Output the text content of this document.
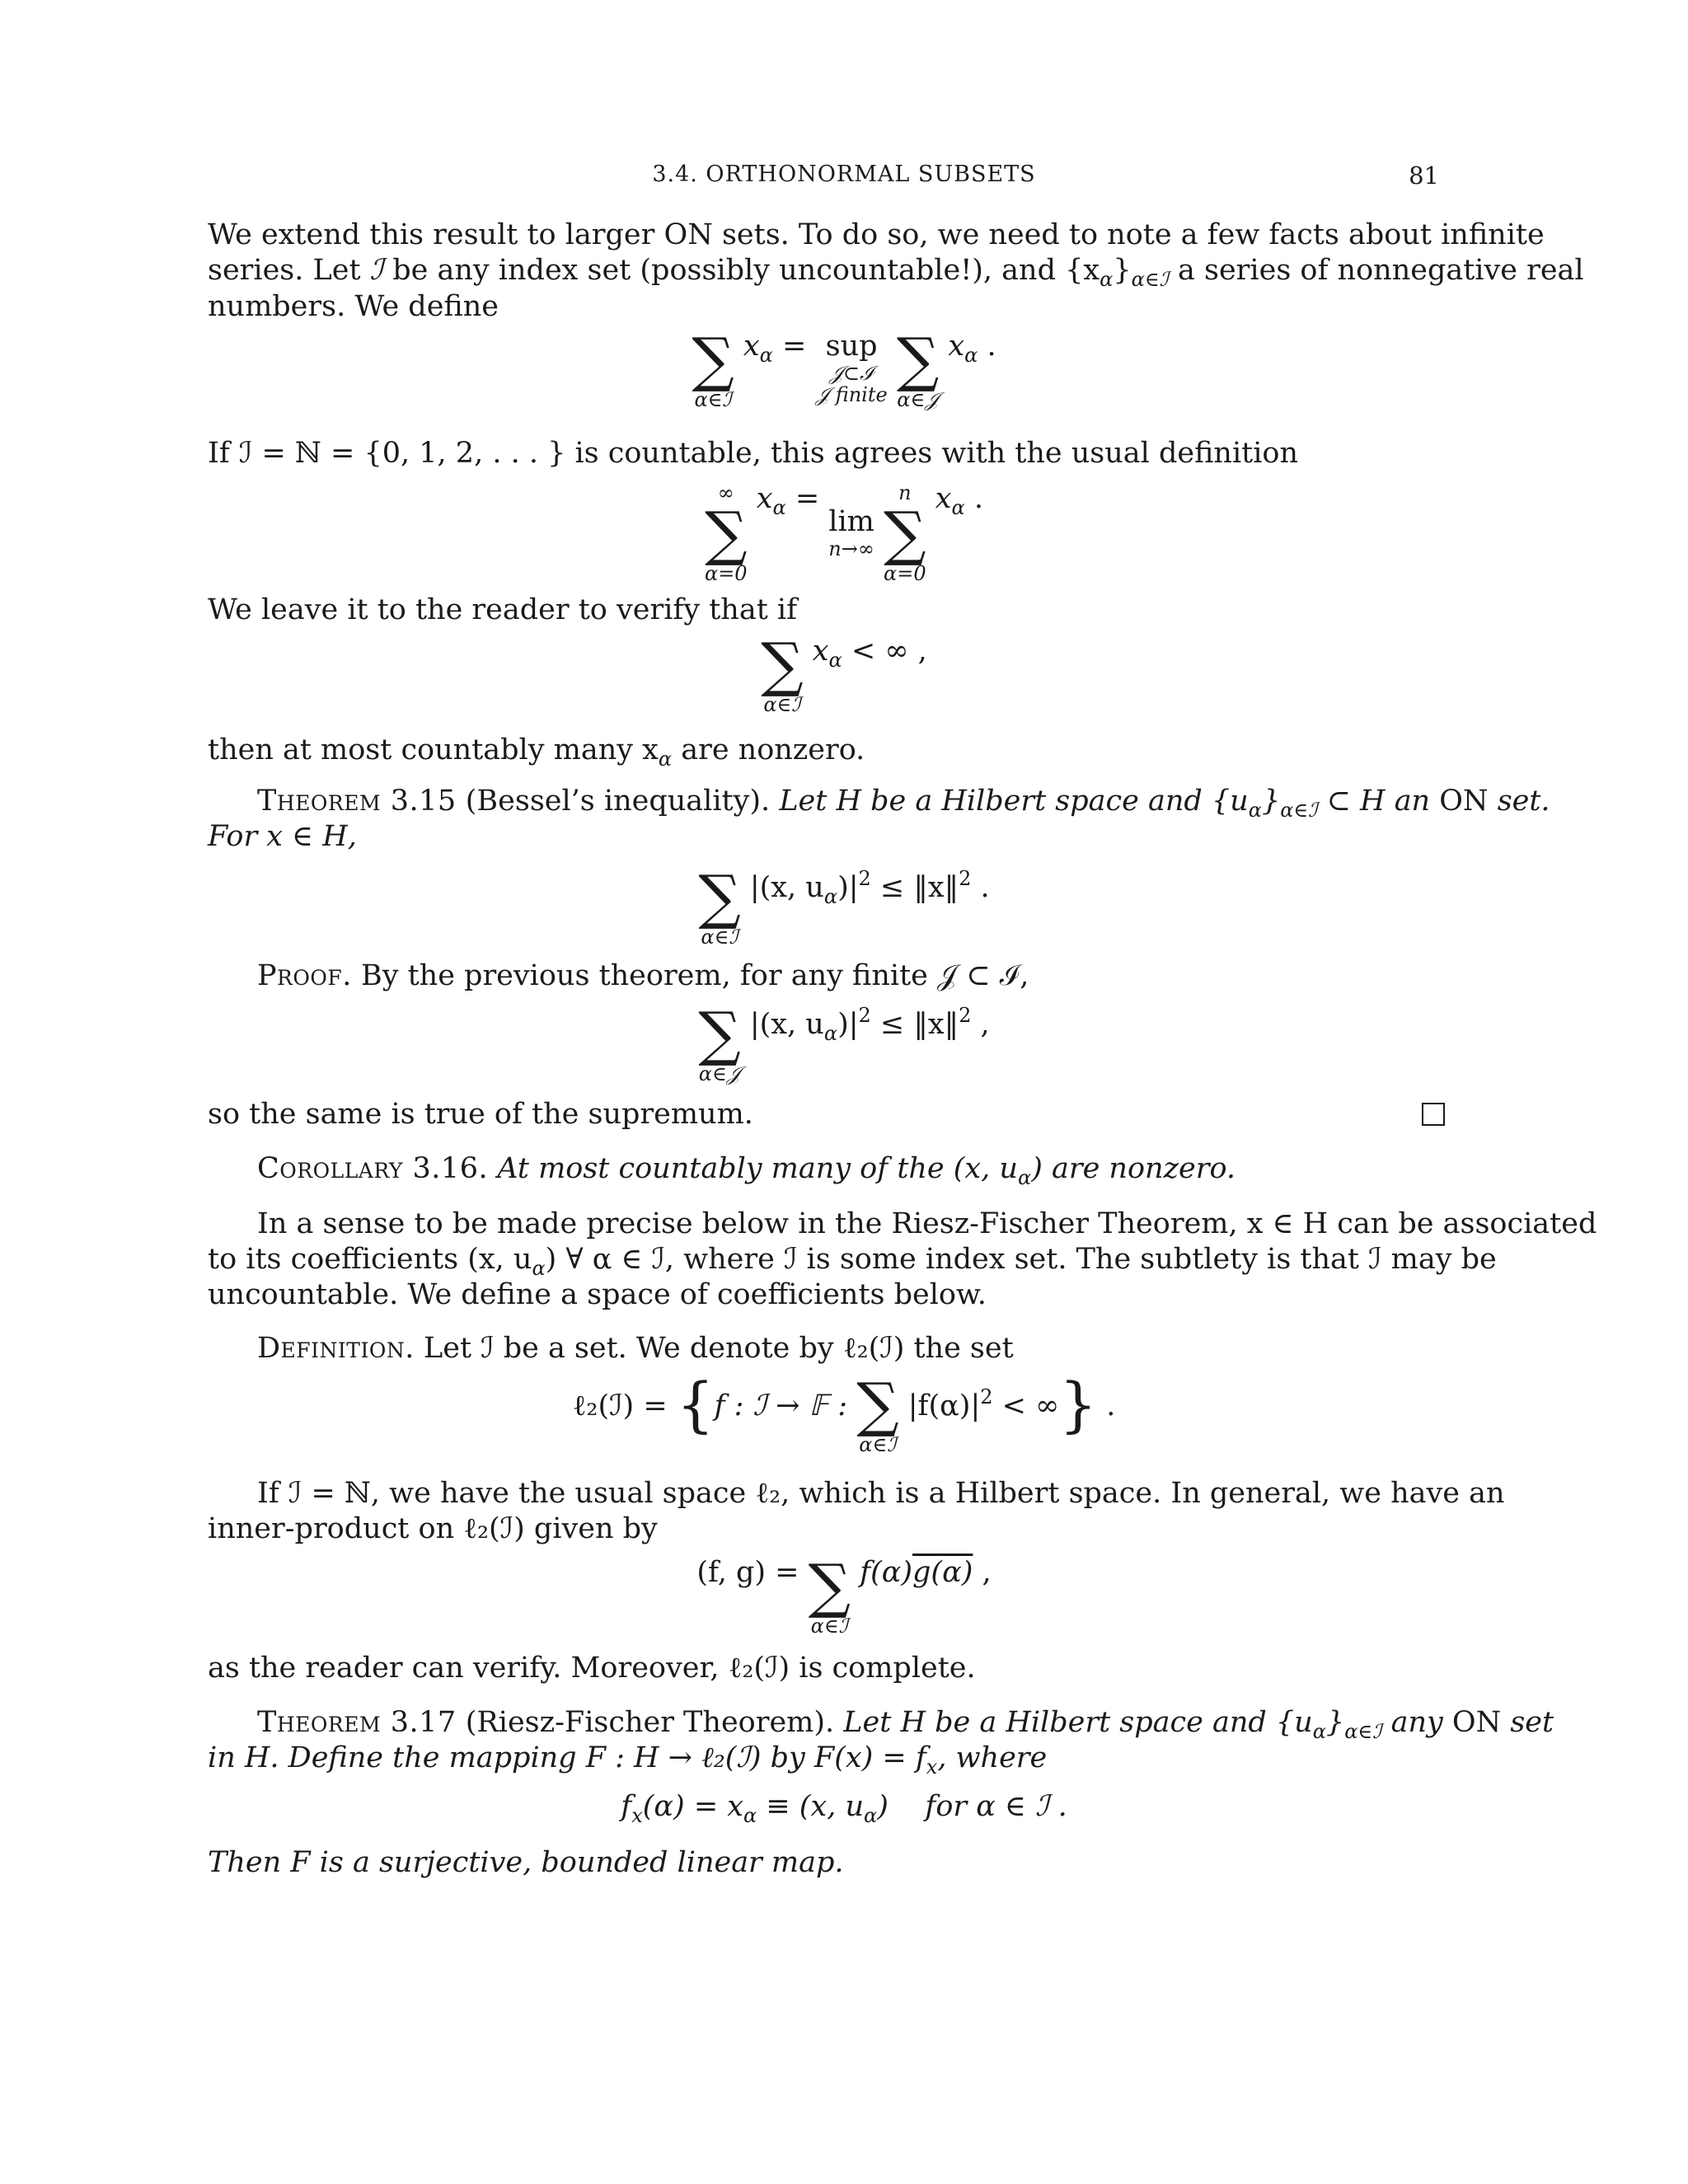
3.4. ORTHONORMAL SUBSETS	81
We extend this result to larger ON sets. To do so, we need to note a few facts about infinite
series. Let ℐ be any index set (possibly uncountable!), and $\{x_\alpha\}_{\alpha\in ℐ}$ a series of nonnegative real
numbers. We define
∑
α∈ℐ
$x_\alpha$ = sup
𝒥⊂ℐ
𝒥 finite
∑
α∈𝒥
$x_\alpha$ .
If ℐ = ℕ = {0, 1, 2, . . . } is countable, this agrees with the usual definition
∞
∑
α=0
$x_\alpha = \lim$
n→∞

n
∑
α=0
$x_\alpha$ .
We leave it to the reader to verify that if
∑
α∈ℐ
$x_\alpha$ < ∞ ,
then at most countably many $x_\alpha$ are nonzero.
Theorem 3.15 (Bessel’s inequality). Let H be a Hilbert space and $\{u_\alpha\}_{\alpha\in ℐ}$ ⊂ H an ON set.
For x ∈ H,
∑
α∈ℐ
|(x, $u_\alpha)|^2$ ≤ ‖x‖$^2$ .
Proof. By the previous theorem, for any finite 𝒥 ⊂ ℐ,
∑
α∈𝒥
|(x, $u_\alpha)|^2$ ≤ ‖x‖$^2$ ,
so the same is true of the supremum.
Corollary 3.16. At most countably many of the (x, $u_\alpha$) are nonzero.
In a sense to be made precise below in the Riesz-Fischer Theorem, x ∈ H can be associated
to its coefficients (x, $u_\alpha$) ∀ α ∈ ℐ, where ℐ is some index set. The subtlety is that ℐ may be
uncountable. We define a space of coefficients below.
Definition. Let ℐ be a set. We denote by ℓ₂(ℐ) the set
ℓ₂(ℐ) = {f : ℐ → 𝔽 : ∑
α∈ℐ
$|f(\alpha)|^2$ < ∞} .
If ℐ = ℕ, we have the usual space ℓ₂, which is a Hilbert space. In general, we have an
inner-product on ℓ₂(ℐ) given by
(f, g) = ∑
α∈ℐ
f(α)g(α) ,
as the reader can verify. Moreover, ℓ₂(ℐ) is complete.
Theorem 3.17 (Riesz-Fischer Theorem). Let H be a Hilbert space and $\{u_\alpha\}_{\alpha\in ℐ}$ any ON set
in H. Define the mapping F : H → ℓ₂(ℐ) by $F(x) = f_x$, where
$f_x(\alpha) = x_\alpha \equiv (x$, $u_\alpha$) for α ∈ ℐ .
Then F is a surjective, bounded linear map.
